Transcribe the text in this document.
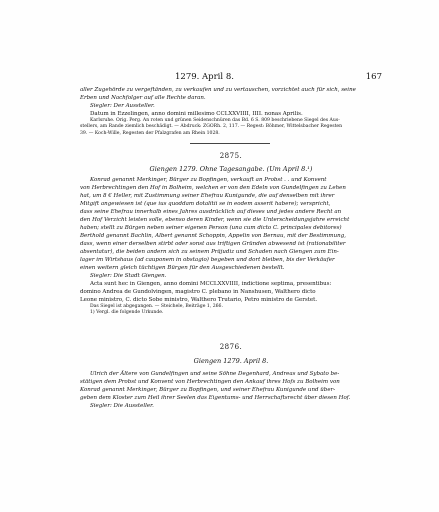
1279. April 8.	167

aller Zugehörde zu vergeftänden, zu verkaufen und zu vertauschen, vorzichtet auch für sich, seine

Erben und Nachfolger auf alle Rechte daran.

Siegler: Der Aussteller.

Datum in Ezzelingen, anno domini millesimo CCLXXVIIII, IIII. nonas Aprilis.

Karlsruhe. Orig. Perg. An roten und grünen Seidenschnüren das Bd. 6 S. 809 beschriebene Siegel des Aus-

stellers, am Rande ziemlich beschädigt. — Abdruck: ZGORh. 2, 117. — Regest: Böhmer, Wittelsbacher Regesten

39. — Koch-Wille, Regesten der Pfalzgrafen am Rhein 1028.

2875.

Giengen 1279. Ohne Tagesangabe. (Um April 8.¹)

Konrad genannt Merkinger, Bürger zu Bopfingen, verkauft an Probst . . und Konvent

von Herbrechtingen den Hof in Bolheim, welchen er von den Edeln von Gundelfingen zu Lehen

hat, um 8 € Heller, mit Zustimmung seiner Ehefrau Kunigunde, die auf denselben mit ihrer

Mitgift angewiesen ist (que ius quoddam dotalitii se in eodem asserit habere); verspricht,

dass seine Ehefrau innerhalb eines Jahres ausdrücklich auf dieses und jedes andere Recht an

den Hof Verzicht leisten solle, ebenso deren Kinder, wenn sie die Unterscheidungsjahre erreicht

haben; stellt zu Bürgen neben seiner eigenen Person (una cum dicto C. principales debitores)

Berthold genannt Bachlin, Albert genannt Schoppin, Appelin von Bernau, mit der Bestimmung,

dass, wenn einer derselben stirbt oder sonst aus triftigen Gründen abwesend ist (rationabiliter

absentatur), die beiden andern sich zu seinem Präjudiz und Schaden nach Giengen zum Ein-

lager im Wirtshaus (ad cauponem in obstagio) begeben und dort bleiben, bis der Verkäufer

einen weitern gleich tüchtigen Bürgen für den Ausgeschiedenen bestellt.

Siegler: Die Stadt Giengen.

Acta sunt hec in Giengen, anno domini MCCLXXVIIII, indictione septima, presentibus:

domino Andrea de Gundolvingen, magistro C. plebano in Nanshusen, Walthero dicto

Leone ministro, C. dicto Sobe ministro, Walthero Trutario, Petro ministro de Gerstet.

Das Siegel ist abgegangen. — Steichele, Beiträge 1, 266.

1) Vergl. die folgende Urkunde.

2876.

Giengen 1279. April 8.

Ulrich der Ältere von Gundelfingen und seine Söhne Degenhard, Andreas und Sybato be-

stätigen dem Probst und Konvent von Herbrechtingen den Ankauf ihres Hofs zu Bolheim von

Konrad genannt Merkinger, Bürger zu Bopfingen, und seiner Ehefrau Kunigunde und über-

geben dem Kloster zum Heil ihrer Seelen das Eigentums- und Herrschaftsrecht über diesen Hof.

Siegler: Die Aussteller.
